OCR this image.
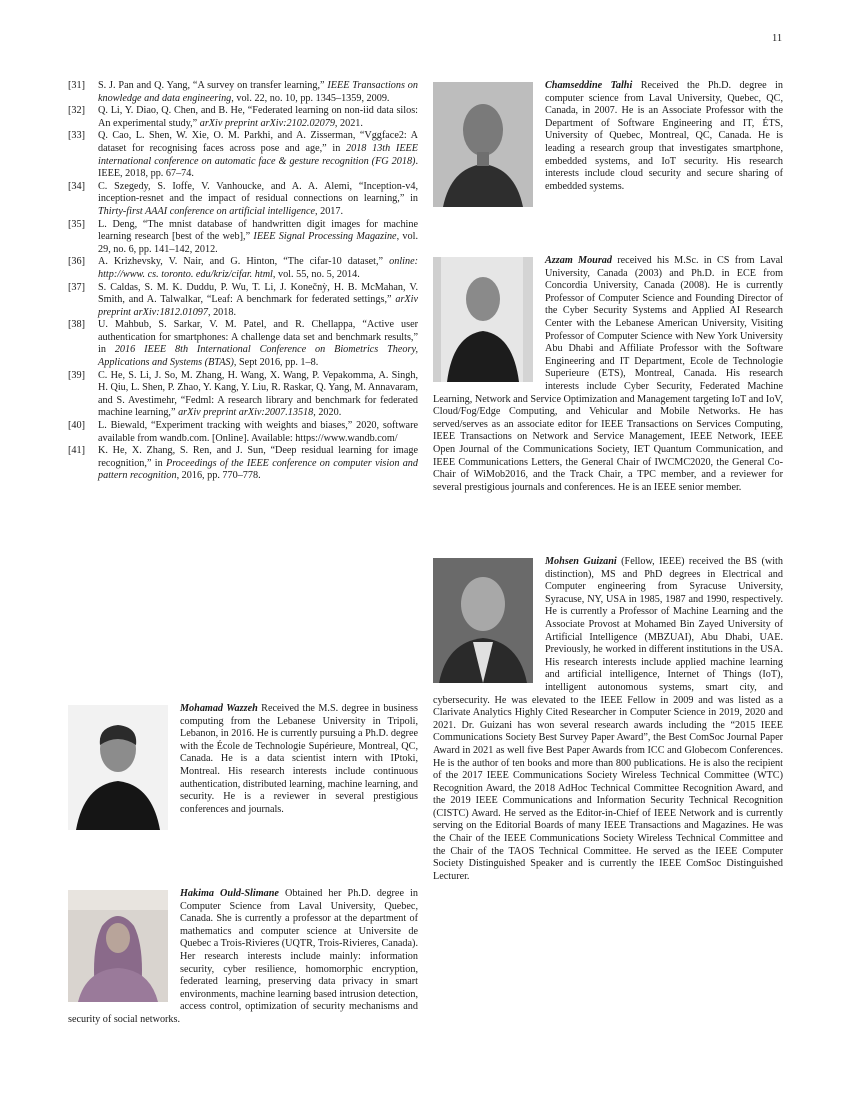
11
[31]	S. J. Pan and Q. Yang, “A survey on transfer learning,” IEEE Transactions on knowledge and data engineering, vol. 22, no. 10, pp. 1345–1359, 2009.
[32]	Q. Li, Y. Diao, Q. Chen, and B. He, “Federated learning on non-iid data silos: An experimental study,” arXiv preprint arXiv:2102.02079, 2021.
[33]	Q. Cao, L. Shen, W. Xie, O. M. Parkhi, and A. Zisserman, “Vggface2: A dataset for recognising faces across pose and age,” in 2018 13th IEEE international conference on automatic face & gesture recognition (FG 2018). IEEE, 2018, pp. 67–74.
[34]	C. Szegedy, S. Ioffe, V. Vanhoucke, and A. A. Alemi, “Inception-v4, inception-resnet and the impact of residual connections on learning,” in Thirty-first AAAI conference on artificial intelligence, 2017.
[35]	L. Deng, “The mnist database of handwritten digit images for machine learning research [best of the web],” IEEE Signal Processing Magazine, vol. 29, no. 6, pp. 141–142, 2012.
[36]	A. Krizhevsky, V. Nair, and G. Hinton, “The cifar-10 dataset,” online: http://www. cs. toronto. edu/kriz/cifar. html, vol. 55, no. 5, 2014.
[37]	S. Caldas, S. M. K. Duddu, P. Wu, T. Li, J. Konečnỳ, H. B. McMahan, V. Smith, and A. Talwalkar, “Leaf: A benchmark for federated settings,” arXiv preprint arXiv:1812.01097, 2018.
[38]	U. Mahbub, S. Sarkar, V. M. Patel, and R. Chellappa, “Active user authentication for smartphones: A challenge data set and benchmark results,” in 2016 IEEE 8th International Conference on Biometrics Theory, Applications and Systems (BTAS), Sept 2016, pp. 1–8.
[39]	C. He, S. Li, J. So, M. Zhang, H. Wang, X. Wang, P. Vepakomma, A. Singh, H. Qiu, L. Shen, P. Zhao, Y. Kang, Y. Liu, R. Raskar, Q. Yang, M. Annavaram, and S. Avestimehr, “Fedml: A research library and benchmark for federated machine learning,” arXiv preprint arXiv:2007.13518, 2020.
[40]	L. Biewald, “Experiment tracking with weights and biases,” 2020, software available from wandb.com. [Online]. Available: https://www.wandb.com/
[41]	K. He, X. Zhang, S. Ren, and J. Sun, “Deep residual learning for image recognition,” in Proceedings of the IEEE conference on computer vision and pattern recognition, 2016, pp. 770–778.
Chamseddine Talhi Received the Ph.D. degree in computer science from Laval University, Quebec, QC, Canada, in 2007. He is an Associate Professor with the Department of Software Engineering and IT, ÉTS, University of Quebec, Montreal, QC, Canada. He is leading a research group that investigates smartphone, embedded systems, and IoT security. His research interests include cloud security and secure sharing of embedded systems.
Azzam Mourad received his M.Sc. in CS from Laval University, Canada (2003) and Ph.D. in ECE from Concordia University, Canada (2008). He is currently Professor of Computer Science and Founding Director of the Cyber Security Systems and Applied AI Research Center with the Lebanese American University, Visiting Professor of Computer Science with New York University Abu Dhabi and Affiliate Professor with the Software Engineering and IT Department, Ecole de Technologie Superieure (ETS), Montreal, Canada. His research interests include Cyber Security, Federated Machine Learning, Network and Service Optimization and Management targeting IoT and IoV, Cloud/Fog/Edge Computing, and Vehicular and Mobile Networks. He has served/serves as an associate editor for IEEE Transactions on Services Computing, IEEE Transactions on Network and Service Management, IEEE Network, IEEE Open Journal of the Communications Society, IET Quantum Communication, and IEEE Communications Letters, the General Chair of IWCMC2020, the General Co-Chair of WiMob2016, and the Track Chair, a TPC member, and a reviewer for several prestigious journals and conferences. He is an IEEE senior member.
Mohsen Guizani (Fellow, IEEE) received the BS (with distinction), MS and PhD degrees in Electrical and Computer engineering from Syracuse University, Syracuse, NY, USA in 1985, 1987 and 1990, respectively. He is currently a Professor of Machine Learning and the Associate Provost at Mohamed Bin Zayed University of Artificial Intelligence (MBZUAI), Abu Dhabi, UAE. Previously, he worked in different institutions in the USA. His research interests include applied machine learning and artificial intelligence, Internet of Things (IoT), intelligent autonomous systems, smart city, and cybersecurity. He was elevated to the IEEE Fellow in 2009 and was listed as a Clarivate Analytics Highly Cited Researcher in Computer Science in 2019, 2020 and 2021. Dr. Guizani has won several research awards including the “2015 IEEE Communications Society Best Survey Paper Award”, the Best ComSoc Journal Paper Award in 2021 as well five Best Paper Awards from ICC and Globecom Conferences. He is the author of ten books and more than 800 publications. He is also the recipient of the 2017 IEEE Communications Society Wireless Technical Committee (WTC) Recognition Award, the 2018 AdHoc Technical Committee Recognition Award, and the 2019 IEEE Communications and Information Security Technical Recognition (CISTC) Award. He served as the Editor-in-Chief of IEEE Network and is currently serving on the Editorial Boards of many IEEE Transactions and Magazines. He was the Chair of the IEEE Communications Society Wireless Technical Committee and the Chair of the TAOS Technical Committee. He served as the IEEE Computer Society Distinguished Speaker and is currently the IEEE ComSoc Distinguished Lecturer.
Mohamad Wazzeh Received the M.S. degree in business computing from the Lebanese University in Tripoli, Lebanon, in 2016. He is currently pursuing a Ph.D. degree with the École de Technologie Supérieure, Montreal, QC, Canada. He is a data scientist intern with IPtoki, Montreal. His research interests include continuous authentication, distributed learning, machine learning, and security. He is a reviewer in several prestigious conferences and journals.
Hakima Ould-Slimane Obtained her Ph.D. degree in Computer Science from Laval University, Quebec, Canada. She is currently a professor at the department of mathematics and computer science at Universite de Quebec a Trois-Rivieres (UQTR, Trois-Rivieres, Canada). Her research interests include mainly: information security, cyber resilience, homomorphic encryption, federated learning, preserving data privacy in smart environments, machine learning based intrusion detection, access control, optimization of security mechanisms and security of social networks.
